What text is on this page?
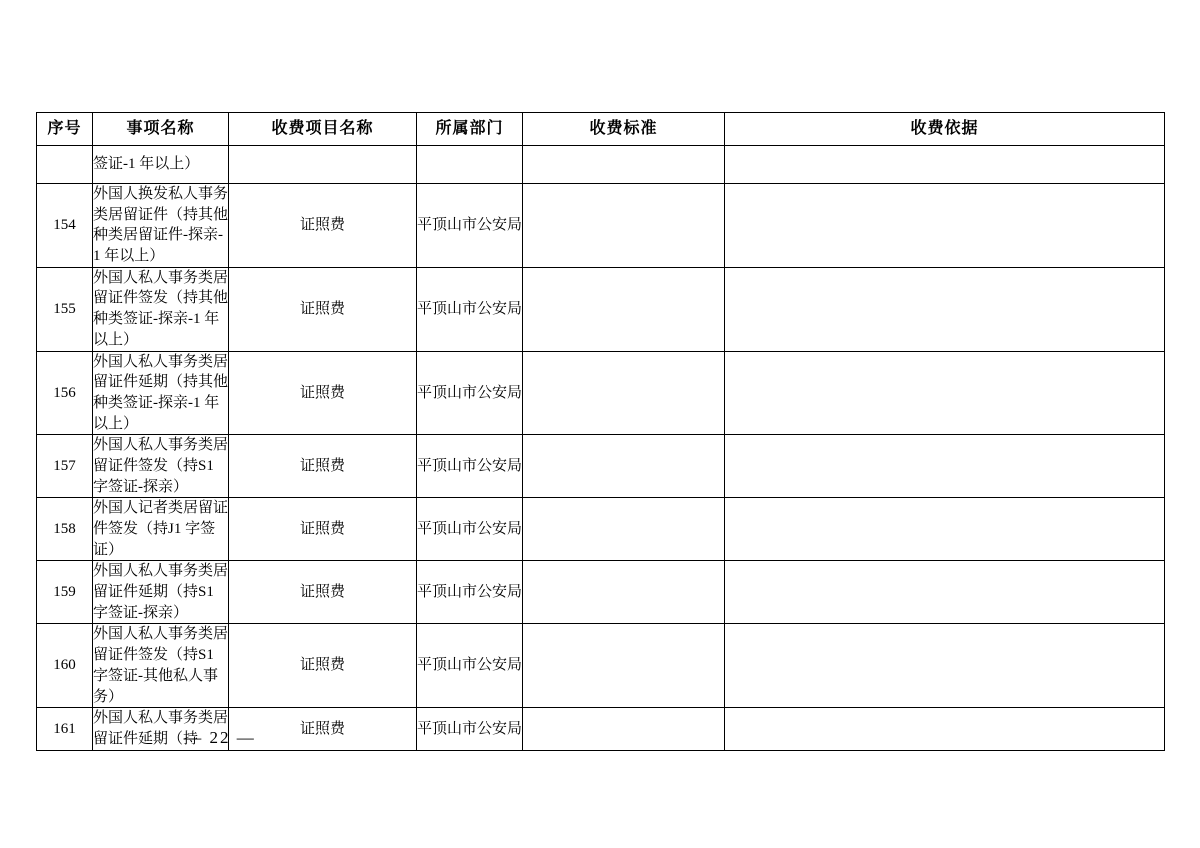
序号	事项名称	收费项目名称	所属部门	收费标准	收费依据
	签证-1 年以上）				
154	外国人换发私人事务类居留证件（持其他种类居留证件-探亲-1 年以上）	证照费	平顶山市公安局		
155	外国人私人事务类居留证件签发（持其他种类签证-探亲-1 年以上）	证照费	平顶山市公安局		
156	外国人私人事务类居留证件延期（持其他种类签证-探亲-1 年以上）	证照费	平顶山市公安局		
157	外国人私人事务类居留证件签发（持S1 字签证-探亲）	证照费	平顶山市公安局		
158	外国人记者类居留证件签发（持J1 字签证）	证照费	平顶山市公安局		
159	外国人私人事务类居留证件延期（持S1 字签证-探亲）	证照费	平顶山市公安局		
160	外国人私人事务类居留证件签发（持S1 字签证-其他私人事务）	证照费	平顶山市公安局		
161	外国人私人事务类居留证件延期（持	证照费	平顶山市公安局		
— 22 —
